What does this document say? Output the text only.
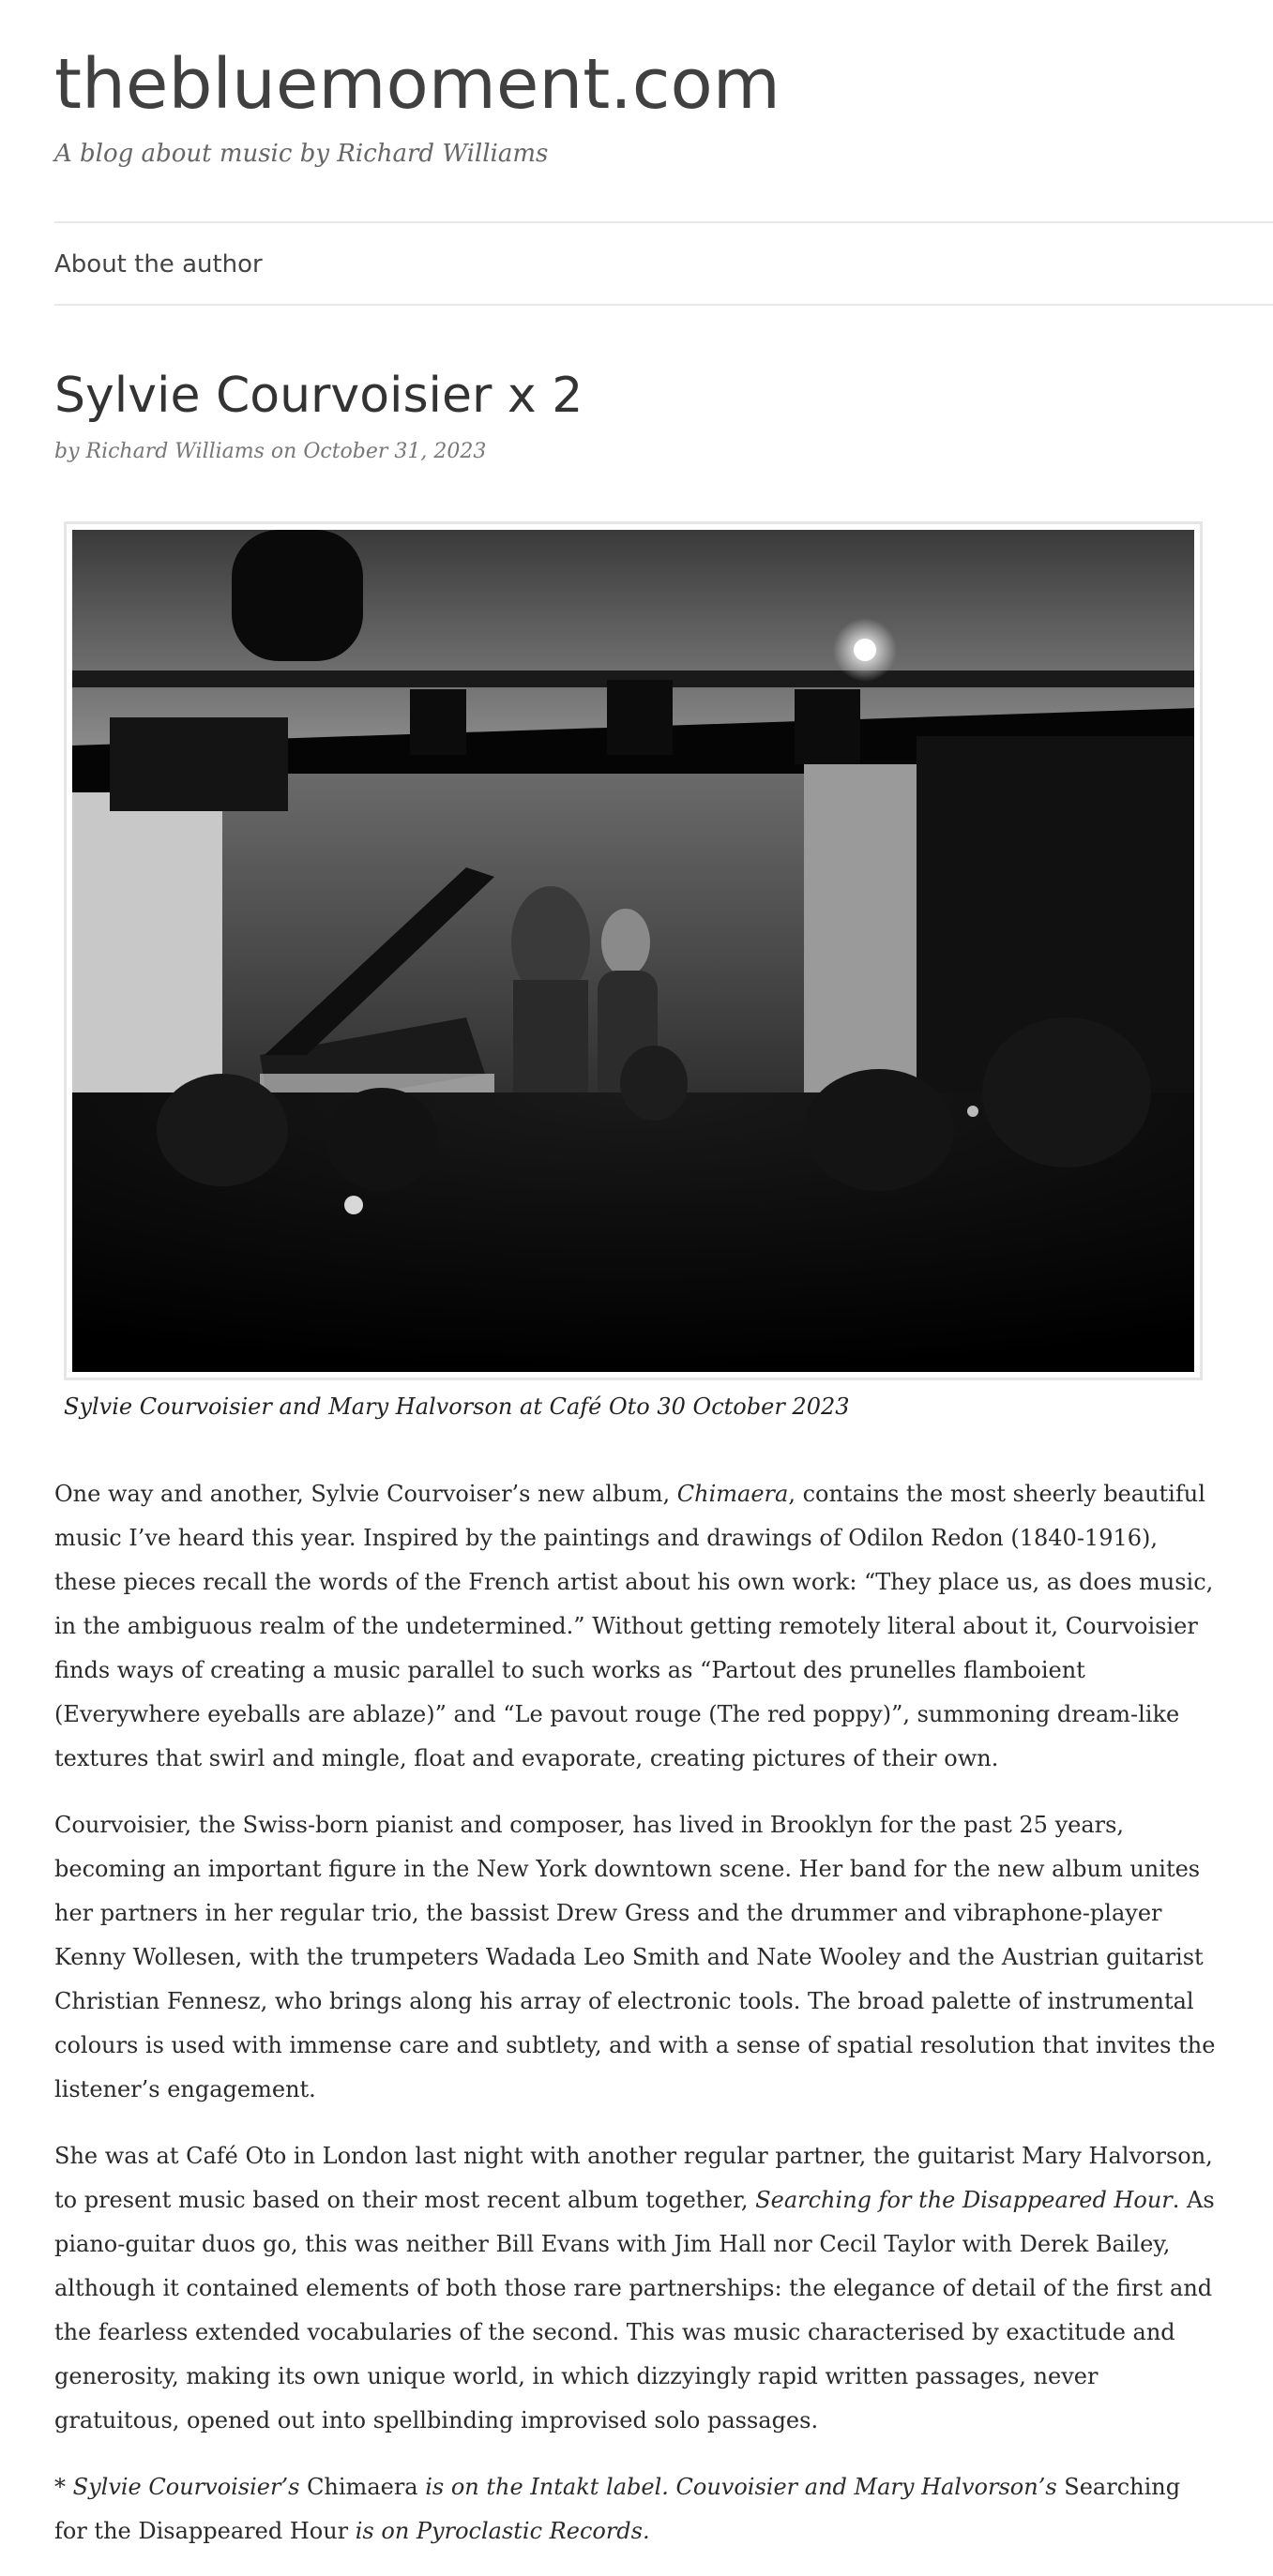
thebluemoment.com
A blog about music by Richard Williams
About the author
Sylvie Courvoisier x 2
by Richard Williams on October 31, 2023
Sylvie Courvoisier and Mary Halvorson at Café Oto 30 October 2023

One way and another, Sylvie Courvoiser’s new album, Chimaera, contains the most sheerly beautiful music I’ve heard this year. Inspired by the paintings and drawings of Odilon Redon (1840-1916), these pieces recall the words of the French artist about his own work: “They place us, as does music, in the ambiguous realm of the undetermined.” Without getting remotely literal about it, Courvoisier finds ways of creating a music parallel to such works as “Partout des prunelles flamboient (Everywhere eyeballs are ablaze)” and “Le pavout rouge (The red poppy)”, summoning dream-like textures that swirl and mingle, float and evaporate, creating pictures of their own.

Courvoisier, the Swiss-born pianist and composer, has lived in Brooklyn for the past 25 years, becoming an important figure in the New York downtown scene. Her band for the new album unites her partners in her regular trio, the bassist Drew Gress and the drummer and vibraphone-player Kenny Wollesen, with the trumpeters Wadada Leo Smith and Nate Wooley and the Austrian guitarist Christian Fennesz, who brings along his array of electronic tools. The broad palette of instrumental colours is used with immense care and subtlety, and with a sense of spatial resolution that invites the listener’s engagement.

She was at Café Oto in London last night with another regular partner, the guitarist Mary Halvorson, to present music based on their most recent album together, Searching for the Disappeared Hour. As piano-guitar duos go, this was neither Bill Evans with Jim Hall nor Cecil Taylor with Derek Bailey, although it contained elements of both those rare partnerships: the elegance of detail of the first and the fearless extended vocabularies of the second. This was music characterised by exactitude and generosity, making its own unique world, in which dizzyingly rapid written passages, never gratuitous, opened out into spellbinding improvised solo passages.

* Sylvie Courvoisier’s Chimaera is on the Intakt label. Couvoisier and Mary Halvorson’s Searching for the Disappeared Hour is on Pyroclastic Records.
